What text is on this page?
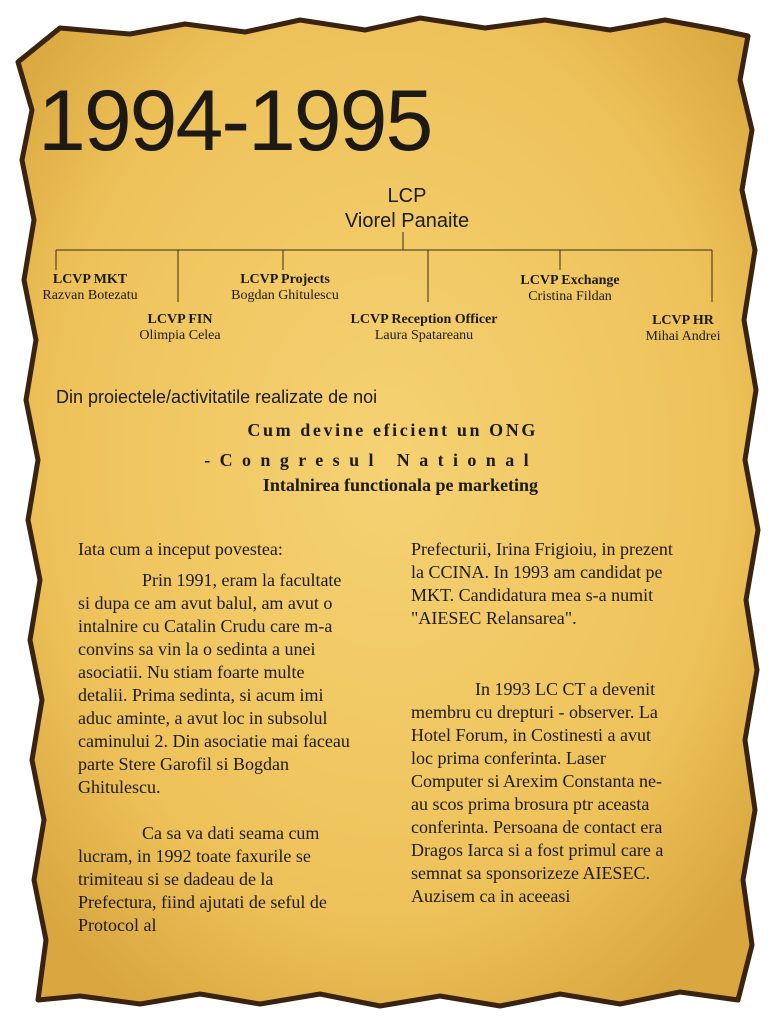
1994-1995
LCP
Viorel Panaite
LCVP MKT
Razvan Botezatu
LCVP FIN
Olimpia Celea
LCVP Projects
Bogdan Ghitulescu
LCVP Reception Officer
Laura Spatareanu
LCVP Exchange
Cristina Fildan
LCVP HR
Mihai Andrei
Din proiectele/activitatile realizate de noi
Cum devine eficient un ONG
-Congresul National
Intalnirea functionala pe marketing

Iata cum a inceput povestea:

Prin 1991, eram la facultate si dupa ce am avut balul, am avut o intalnire cu Catalin Crudu care m-a convins sa vin la o sedinta a unei asociatii. Nu stiam foarte multe detalii. Prima sedinta, si acum imi aduc aminte, a avut loc in subsolul caminului 2. Din asociatie mai faceau parte Stere Garofil si Bogdan Ghitulescu.

Ca sa va dati seama cum lucram, in 1992 toate faxurile se trimiteau si se dadeau de la Prefectura, fiind ajutati de seful de Protocol al

Prefecturii, Irina Frigioiu, in prezent la CCINA. In 1993 am candidat pe MKT. Candidatura mea s-a numit "AIESEC Relansarea".

In 1993 LC CT a devenit membru cu drepturi - observer. La Hotel Forum, in Costinesti a avut loc prima conferinta. Laser Computer si Arexim Constanta ne-au scos prima brosura ptr aceasta conferinta. Persoana de contact era Dragos Iarca si a fost primul care a semnat sa sponsorizeze AIESEC. Auzisem ca in aceeasi
